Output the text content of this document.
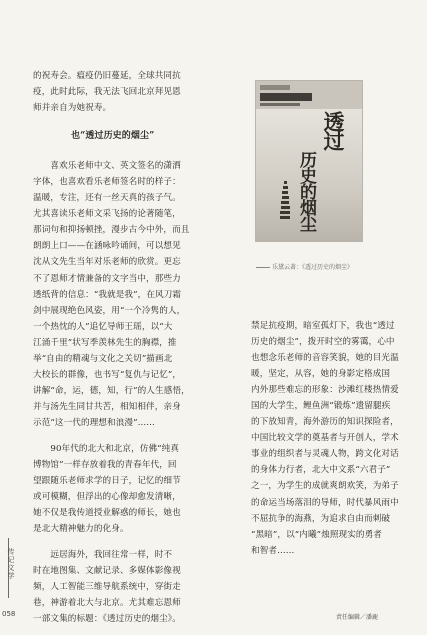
的祝寿会。瘟疫仍旧蔓延，全球共同抗

疫，此时此际，我无法飞回北京拜见恩

师并亲自为她祝寿。

也“透过历史的烟尘”

　　喜欢乐老师中文、英文签名的潇洒

字体，也喜欢看乐老师签名时的样子：

温暖，专注，还有一丝天真的孩子气。

尤其喜读乐老师文采飞扬的论著随笔，

那词句和抑扬顿挫，漫步古今中外，而且

朗朗上口——在涵咏吟诵间，可以想见

沈从文先生当年对乐老师的欣赏。更忘

不了恩师才情兼备的文字当中，那些力

透纸背的信息：“我就是我”，在风刀霜

剑中展现绝色风姿，用“一个冷隽的人，

一个热忱的人”追忆导师王瑶，以“大

江涌千里”状写季羡林先生的胸襟，推

举“自由的精魂与文化之关切”描画北

大校长的群像，也书写“复仇与记忆”，

讲解“命，运，德，知，行”的人生感悟，

并与汤先生同甘共苦，相知相伴，亲身

示范“这一代的理想和浪漫”……

　　90年代的北大和北京，仿佛“纯真

博物馆”一样存放着我的青春年代，回

望跟随乐老师求学的日子，记忆的细节

或可模糊，但浮出的心像却愈发清晰，

她不仅是我传道授业解惑的师长，她也

是北大精神魅力的化身。

　　远居海外，我回往常一样，时不

时在地图集、文献记录、多媒体影像视

频，人工智能三维导航系统中，穿街走

巷，神游着北大与北京。尤其难忘恩师

一部文集的标题：《透过历史的烟尘》。

透过
历史的烟尘
乐黛云著：《透过历史的烟尘》

禁足抗疫期，暗室孤灯下，我也“透过

历史的烟尘”，拨开时空的雾霭，心中

也想念乐老师的音容笑貌，她的目光温

暖，坚定，从容，她的身影定格成国

内外那些难忘的形象：沙滩红楼热情爱

国的大学生，鲤鱼洲“锻炼”遗留腿疾

的下放知青，海外游历的知识探险者，

中国比较文学的奠基者与开创人，学术

事业的组织者与灵魂人物，跨文化对话

的身体力行者，北大中文系“六君子”

之一，为学生的成就爽朗欢笑，为弟子

的命运当场落泪的导师，时代暴风雨中

不屈抗争的海燕，为追求自由而刺破

“黑暗”，以“内曦”烛照现实的勇者

和智者……

传记文学
058	责任编辑／潘鹿
